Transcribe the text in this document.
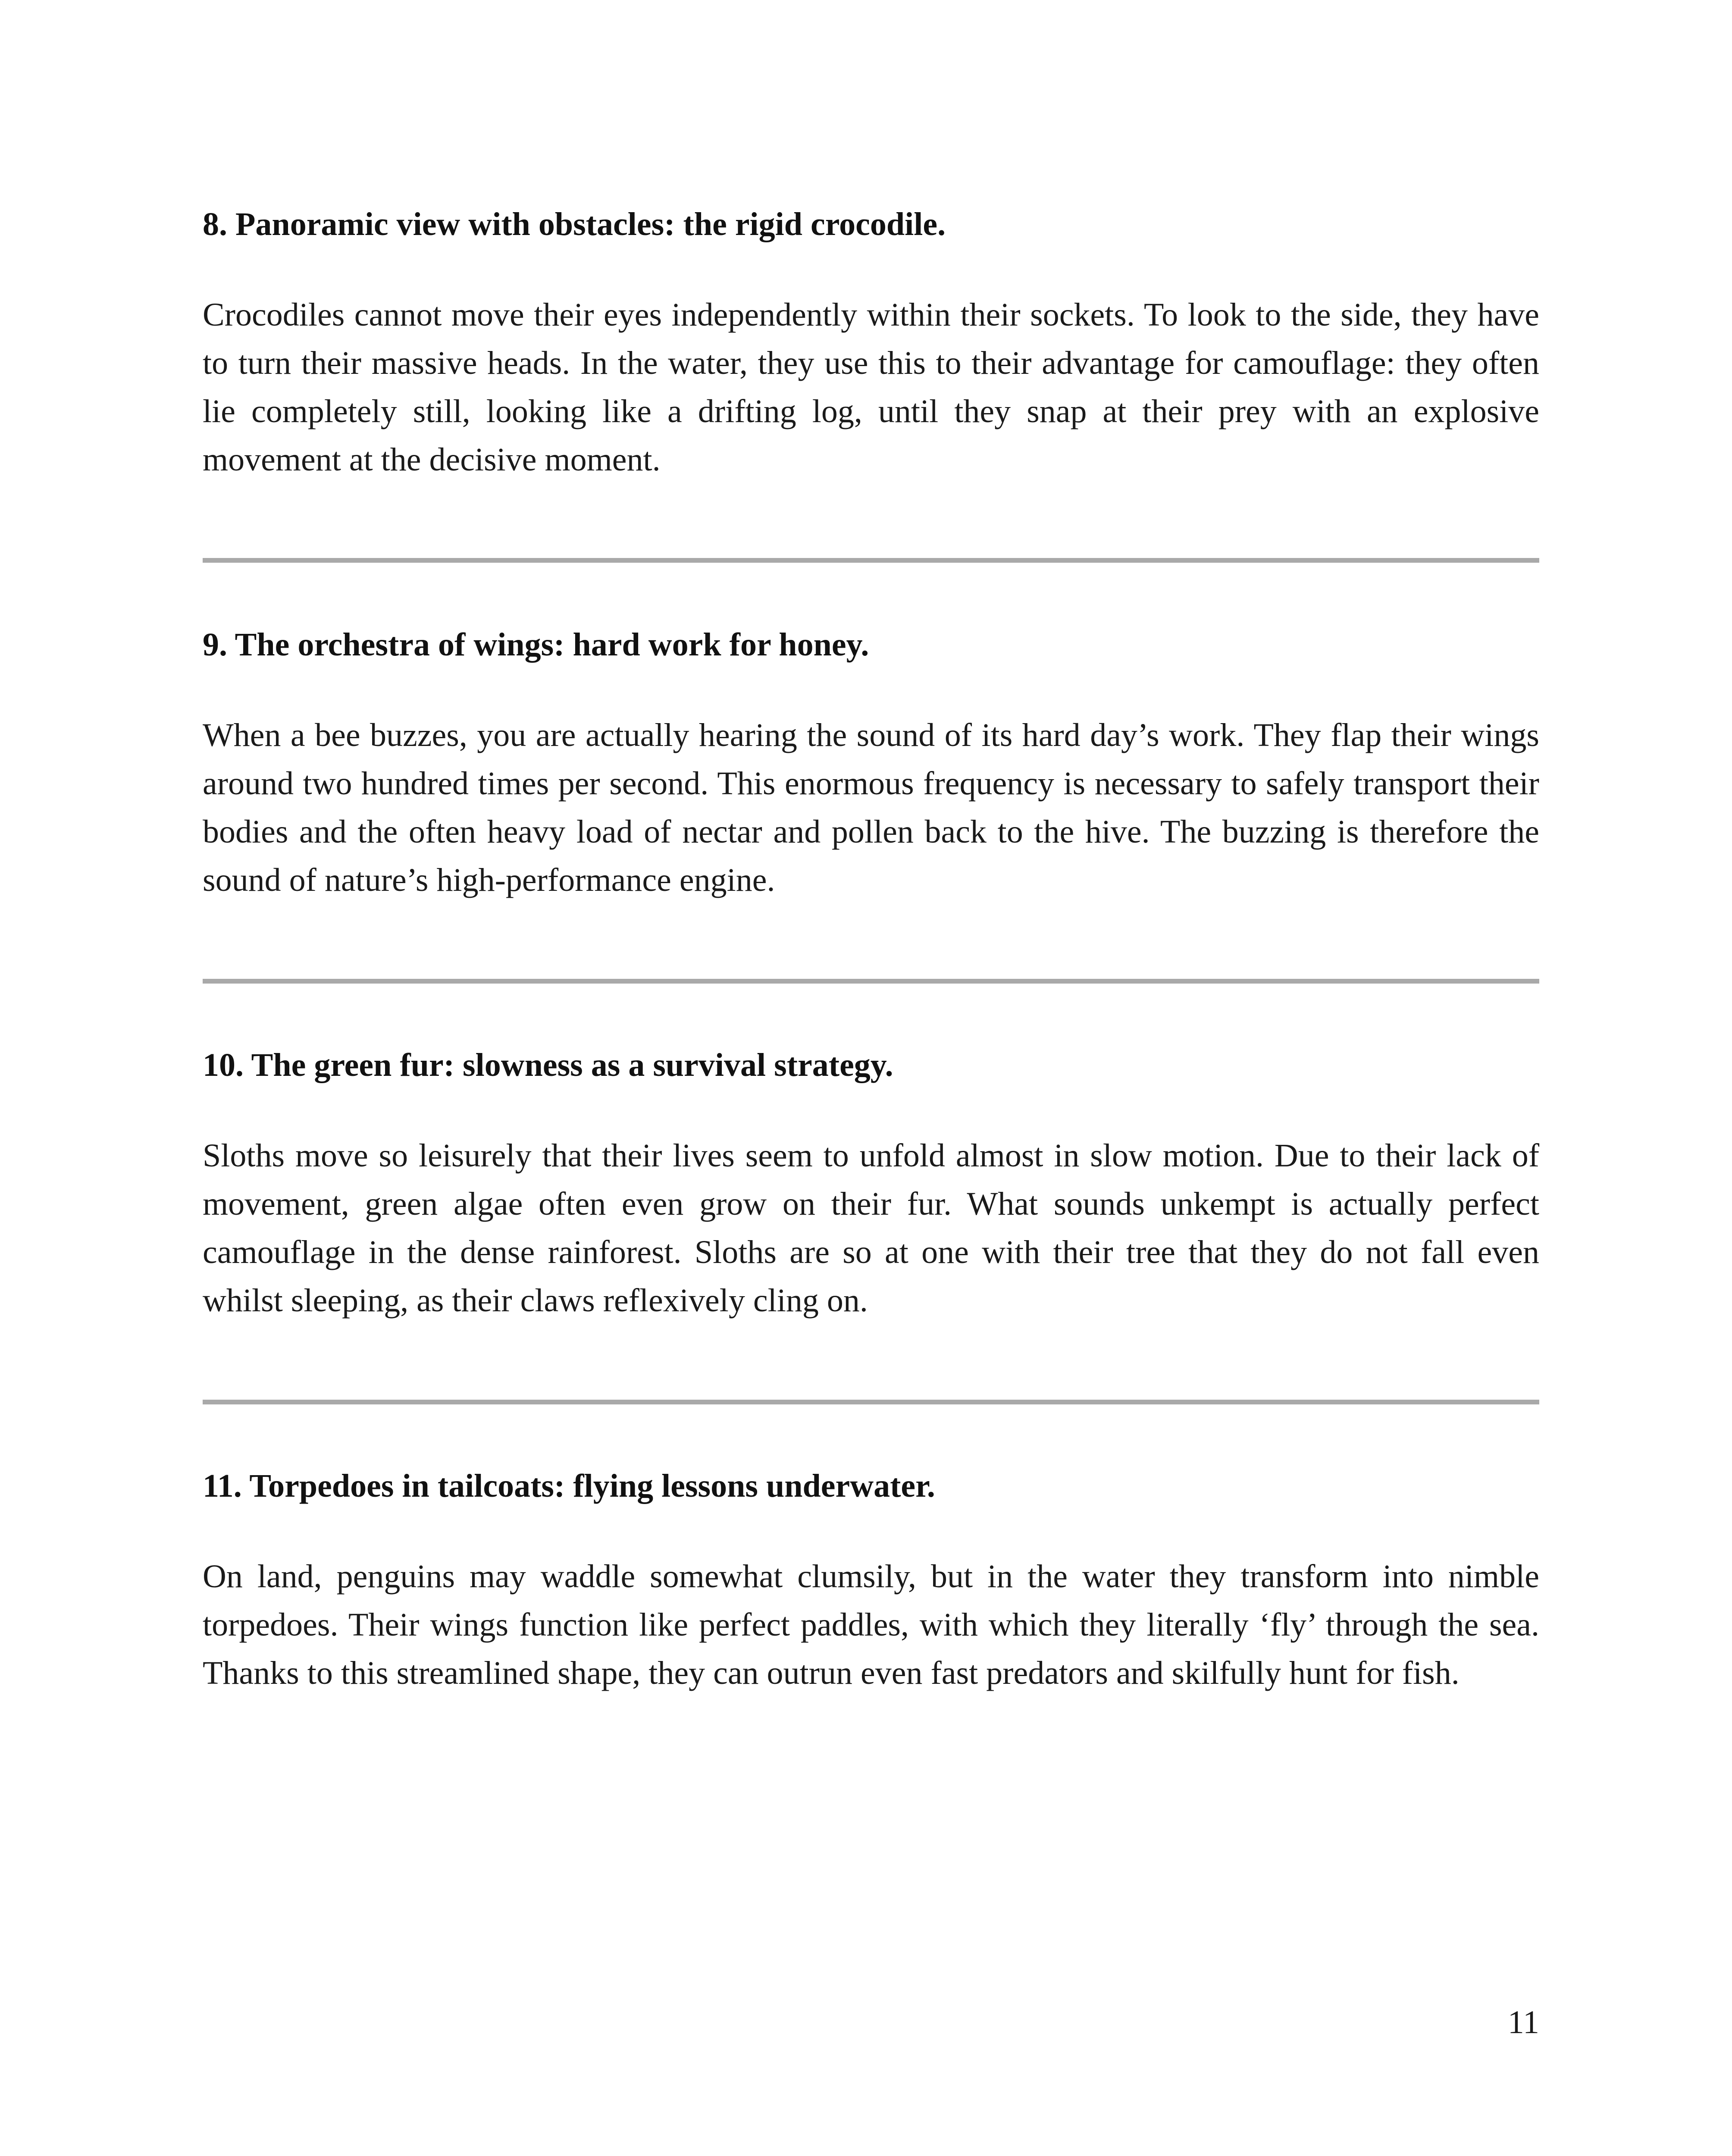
8. Panoramic view with obstacles: the rigid crocodile.

Crocodiles cannot move their eyes independently within their sockets. To look to the side, they have to turn their massive heads. In the water, they use this to their advantage for camouflage: they often lie completely still, looking like a drifting log, until they snap at their prey with an explosive movement at the decisive moment.

9. The orchestra of wings: hard work for honey.

When a bee buzzes, you are actually hearing the sound of its hard day’s work. They flap their wings around two hundred times per second. This enormous frequency is necessary to safely transport their bodies and the often heavy load of nectar and pollen back to the hive. The buzzing is therefore the sound of nature’s high-performance engine.

10. The green fur: slowness as a survival strategy.

Sloths move so leisurely that their lives seem to unfold almost in slow motion. Due to their lack of movement, green algae often even grow on their fur. What sounds unkempt is actually perfect camouflage in the dense rainforest. Sloths are so at one with their tree that they do not fall even whilst sleeping, as their claws reflexively cling on.

11. Torpedoes in tailcoats: flying lessons underwater.

On land, penguins may waddle somewhat clumsily, but in the water they transform into nimble torpedoes. Their wings function like perfect paddles, with which they literally ‘fly’ through the sea. Thanks to this streamlined shape, they can outrun even fast predators and skilfully hunt for fish.

11
